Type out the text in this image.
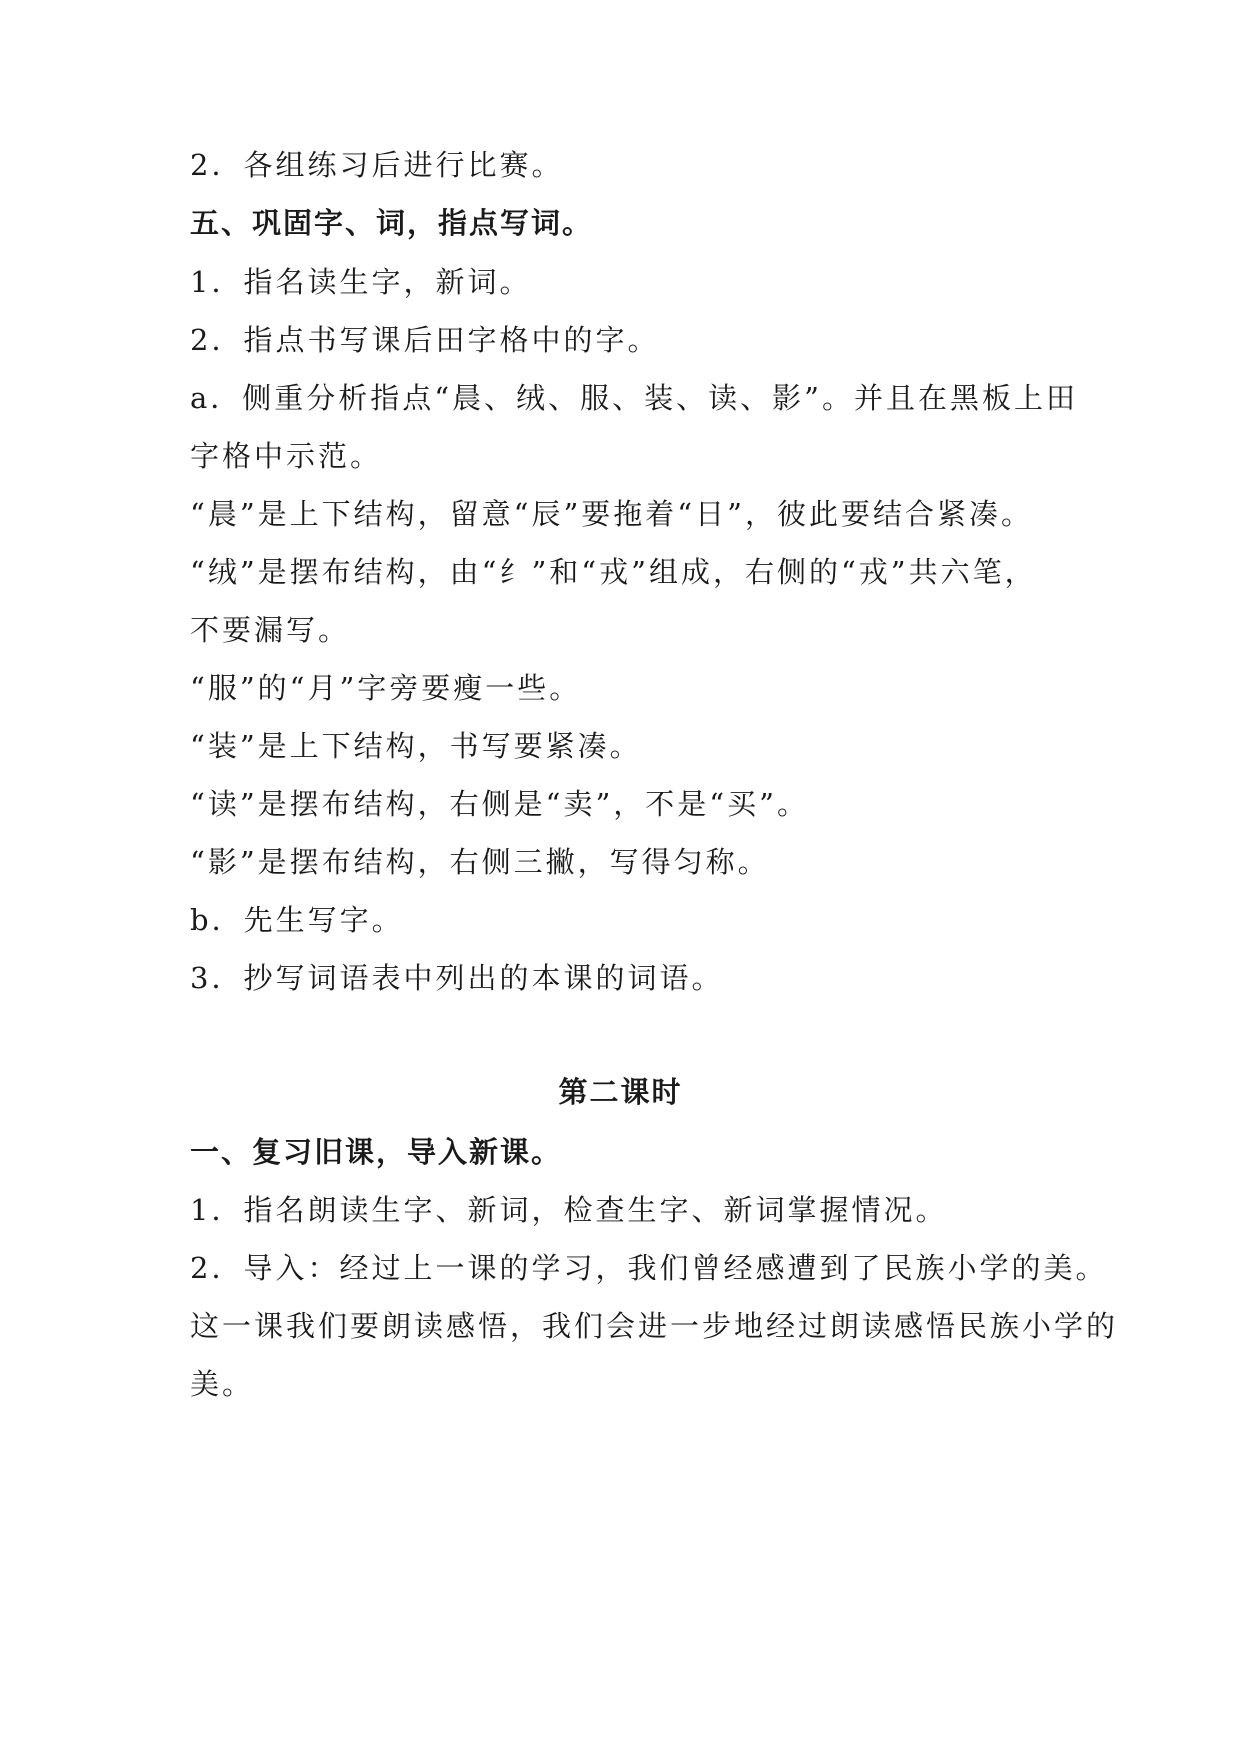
2．各组练习后进行比赛。
五、巩固字、词，指点写词。
1．指名读生字，新词。
2．指点书写课后田字格中的字。
a．侧重分析指点“晨、绒、服、装、读、影”。并且在黑板上田
字格中示范。
“晨”是上下结构，留意“辰”要拖着“日”，彼此要结合紧凑。
“绒”是摆布结构，由“纟”和“戎”组成，右侧的“戎”共六笔，
不要漏写。
“服”的“月”字旁要瘦一些。
“装”是上下结构，书写要紧凑。
“读”是摆布结构，右侧是“卖”，不是“买”。
“影”是摆布结构，右侧三撇，写得匀称。
b．先生写字。
3．抄写词语表中列出的本课的词语。
第二课时
一、复习旧课，导入新课。
1．指名朗读生字、新词，检查生字、新词掌握情况。
2．导入：经过上一课的学习，我们曾经感遭到了民族小学的美。
这一课我们要朗读感悟，我们会进一步地经过朗读感悟民族小学的
美。
